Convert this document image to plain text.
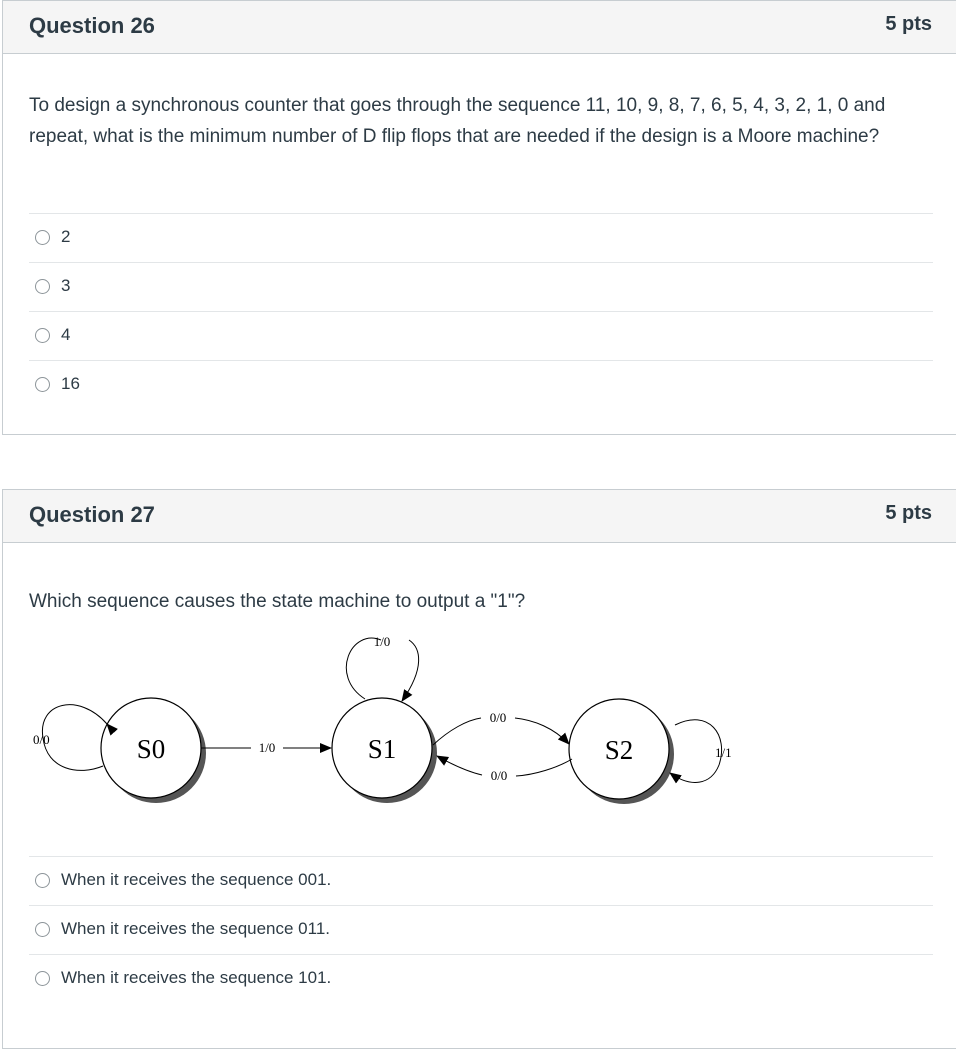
Question 26	5 pts
To design a synchronous counter that goes through the sequence 11, 10, 9, 8, 7, 6, 5, 4, 3, 2, 1, 0 and repeat, what is the minimum number of D flip flops that are needed if the design is a Moore machine?
2
3
4
16
Question 27	5 pts
Which sequence causes the state machine to output a "1"?
S0	S1	S2
0/0
1/0
1/0
0/0
0/0
1/1
When it receives the sequence 001.
When it receives the sequence 011.
When it receives the sequence 101.
